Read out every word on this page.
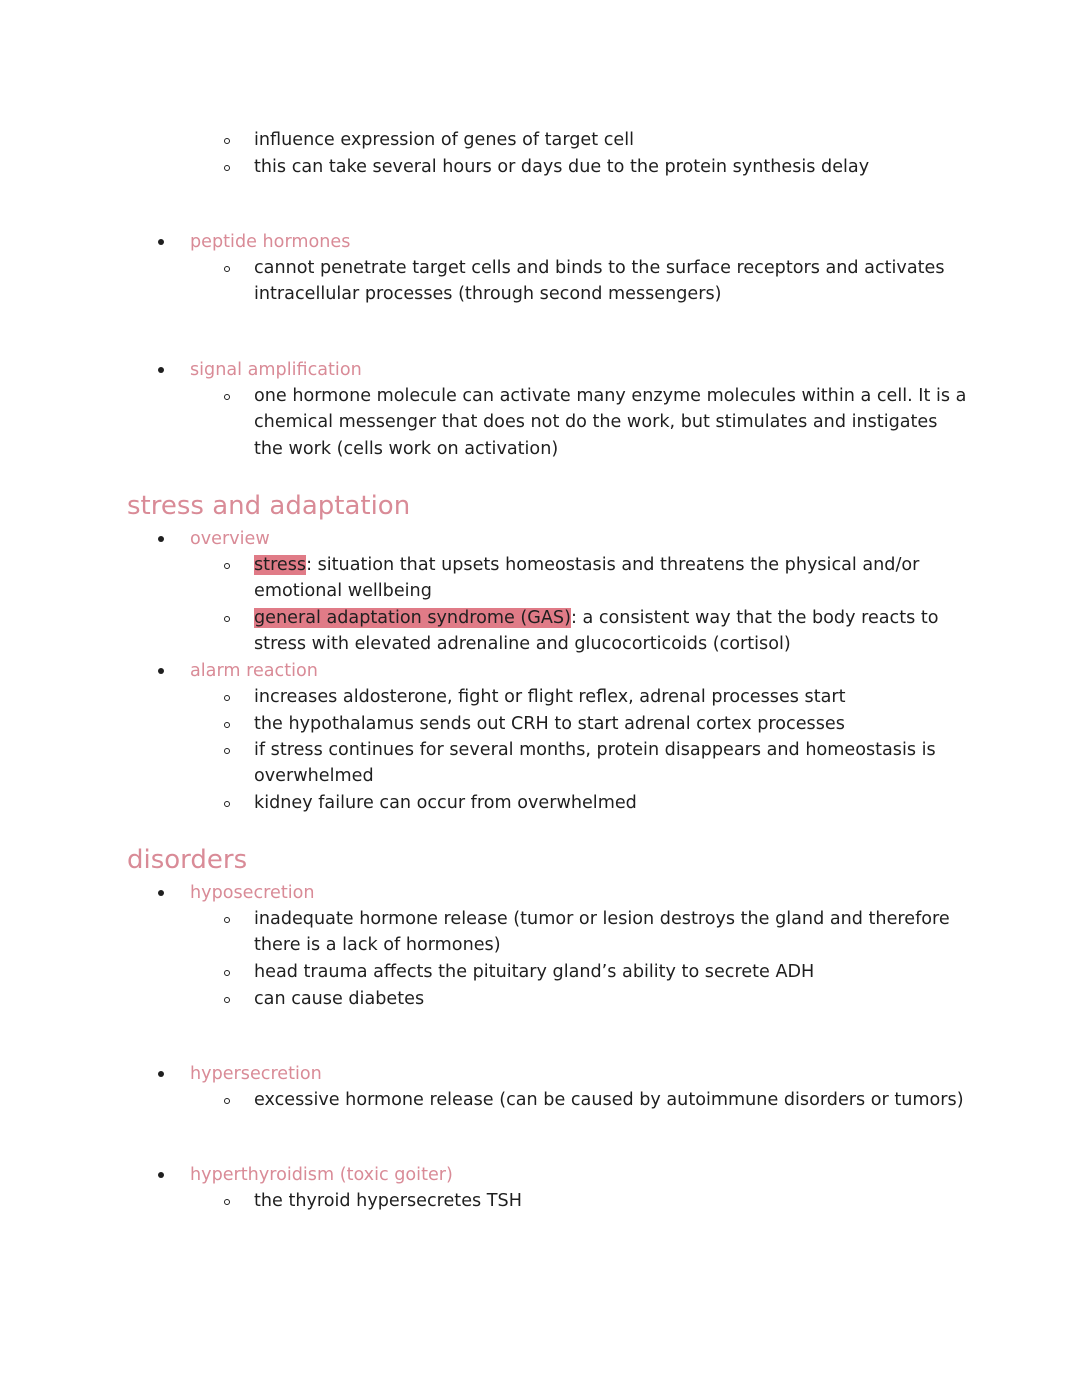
influence expression of genes of target cell
this can take several hours or days due to the protein synthesis delay
peptide hormones
cannot penetrate target cells and binds to the surface receptors and activates
intracellular processes (through second messengers)
signal amplification
one hormone molecule can activate many enzyme molecules within a cell. It is a
chemical messenger that does not do the work, but stimulates and instigates
the work (cells work on activation)
stress and adaptation
overview
stress: situation that upsets homeostasis and threatens the physical and/or
emotional wellbeing
general adaptation syndrome (GAS): a consistent way that the body reacts to
stress with elevated adrenaline and glucocorticoids (cortisol)
alarm reaction
increases aldosterone, fight or flight reflex, adrenal processes start
the hypothalamus sends out CRH to start adrenal cortex processes
if stress continues for several months, protein disappears and homeostasis is
overwhelmed
kidney failure can occur from overwhelmed
disorders
hyposecretion
inadequate hormone release (tumor or lesion destroys the gland and therefore
there is a lack of hormones)
head trauma affects the pituitary gland’s ability to secrete ADH
can cause diabetes
hypersecretion
excessive hormone release (can be caused by autoimmune disorders or tumors)
hyperthyroidism (toxic goiter)
the thyroid hypersecretes TSH
